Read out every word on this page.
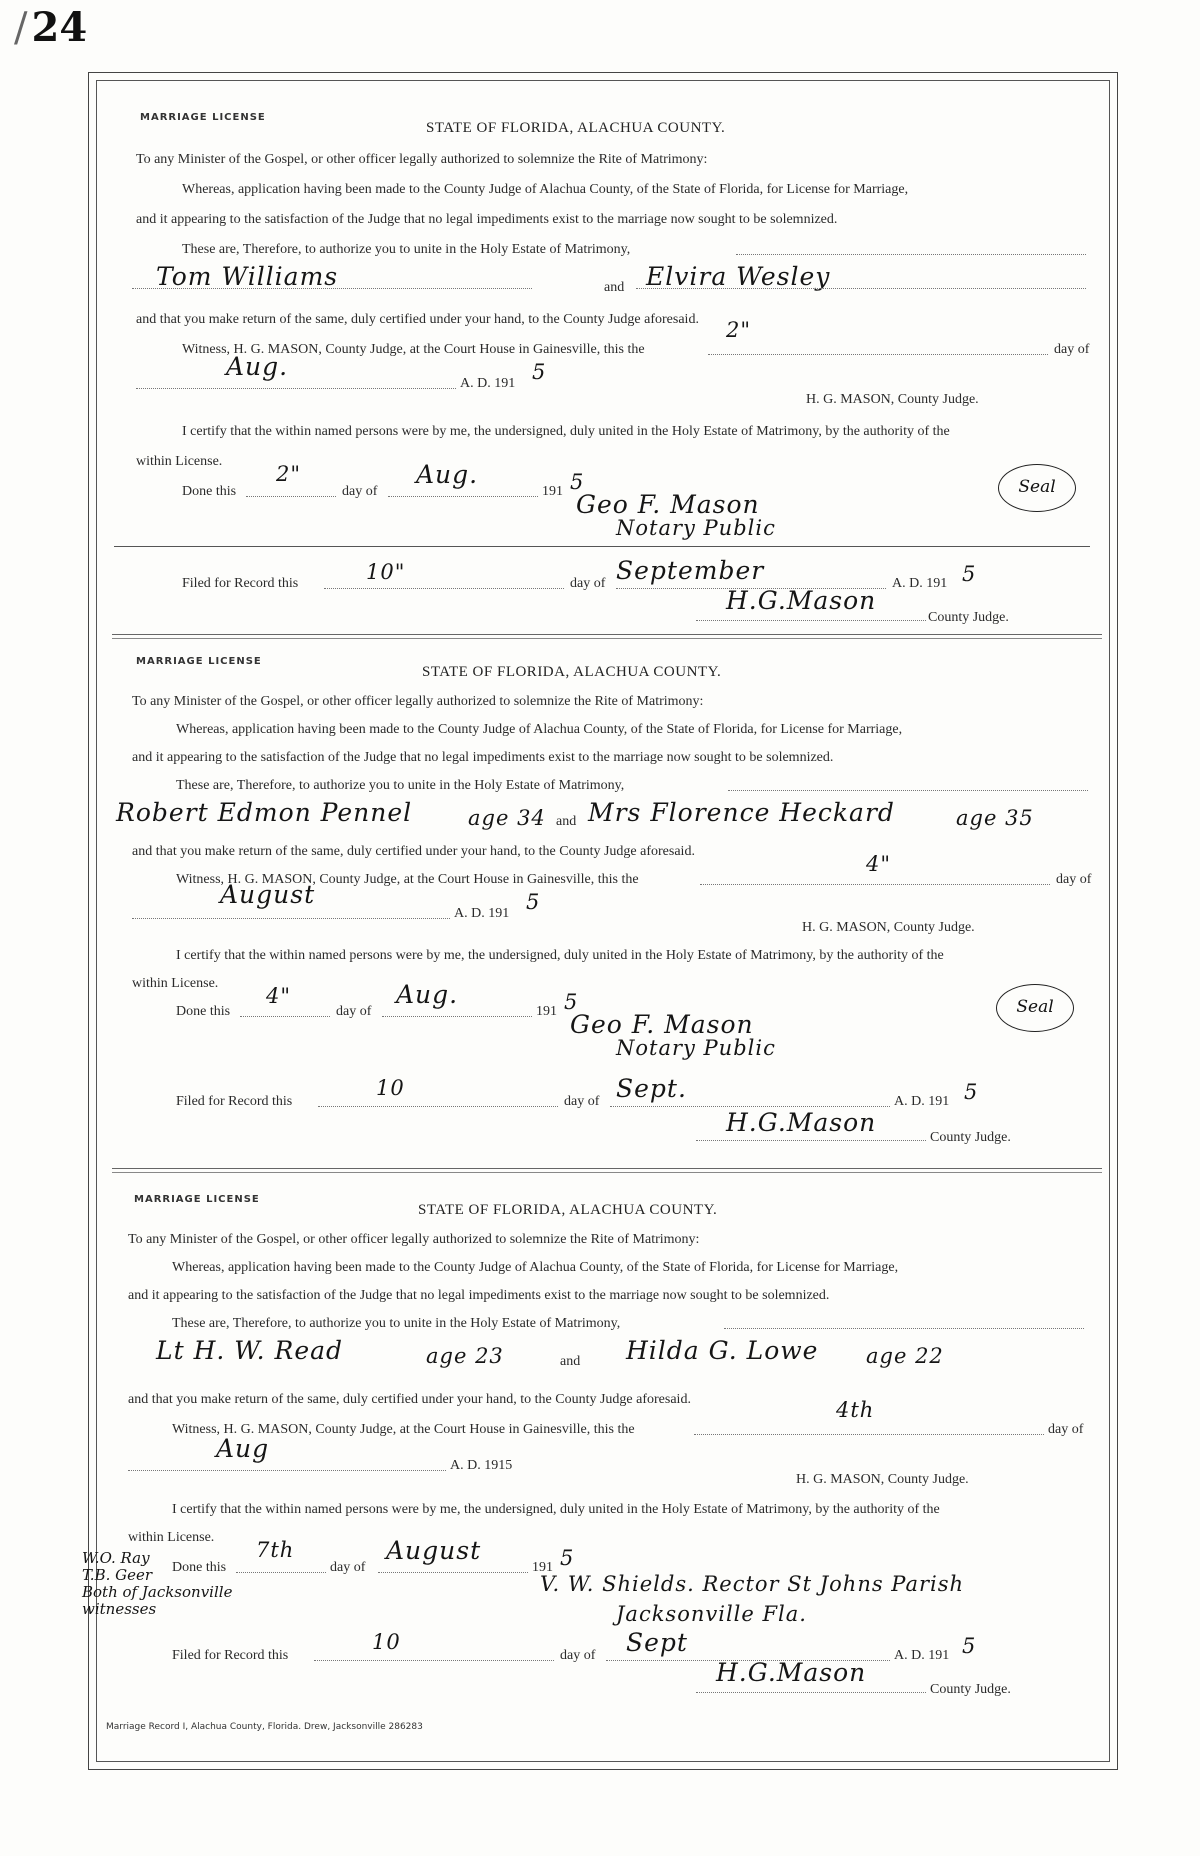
/ 24
MARRIAGE LICENSE
STATE OF FLORIDA, ALACHUA COUNTY.
To any Minister of the Gospel, or other officer legally authorized to solemnize the Rite of Matrimony:
Whereas, application having been made to the County Judge of Alachua County, of the State of Florida, for License for Marriage,
and it appearing to the satisfaction of the Judge that no legal impediments exist to the marriage now sought to be solemnized.
These are, Therefore, to authorize you to unite in the Holy Estate of Matrimony,
Tom Williams	and Elvira Wesley
and that you make return of the same, duly certified under your hand, to the County Judge aforesaid.
Witness, H. G. MASON, County Judge, at the Court House in Gainesville, this the
2"
day of
Aug.
A. D. 191 5
H. G. MASON, County Judge.
I certify that the within named persons were by me, the undersigned, duly united in the Holy Estate of Matrimony, by the authority of the
within License.
Done this
2"
day of
Aug.
191 5
Geo F. Mason
Notary Public
Seal
Filed for Record this	10"	day of September	A. D. 191 5
H.G.Mason
County Judge.
MARRIAGE LICENSE
STATE OF FLORIDA, ALACHUA COUNTY.
To any Minister of the Gospel, or other officer legally authorized to solemnize the Rite of Matrimony:
Whereas, application having been made to the County Judge of Alachua County, of the State of Florida, for License for Marriage,
and it appearing to the satisfaction of the Judge that no legal impediments exist to the marriage now sought to be solemnized.
These are, Therefore, to authorize you to unite in the Holy Estate of Matrimony,
Robert Edmon Pennel	age 34 and Mrs Florence Heckard	age 35
and that you make return of the same, duly certified under your hand, to the County Judge aforesaid.
Witness, H. G. MASON, County Judge, at the Court House in Gainesville, this the
4"
day of
August
A. D. 191 5
H. G. MASON, County Judge.
I certify that the within named persons were by me, the undersigned, duly united in the Holy Estate of Matrimony, by the authority of the
within License.
Done this
4"
day of
Aug.
191 5
Geo F. Mason
Notary Public
Seal
Filed for Record this
10
day of Sept.	A. D. 191 5
H.G.Mason
County Judge.
MARRIAGE LICENSE
STATE OF FLORIDA, ALACHUA COUNTY.
To any Minister of the Gospel, or other officer legally authorized to solemnize the Rite of Matrimony:
Whereas, application having been made to the County Judge of Alachua County, of the State of Florida, for License for Marriage,
and it appearing to the satisfaction of the Judge that no legal impediments exist to the marriage now sought to be solemnized.
These are, Therefore, to authorize you to unite in the Holy Estate of Matrimony,
Lt H. W. Read	age 23	and Hilda G. Lowe age 22
and that you make return of the same, duly certified under your hand, to the County Judge aforesaid.
Witness, H. G. MASON, County Judge, at the Court House in Gainesville, this the
4th
day of
Aug
A. D. 1915
H. G. MASON, County Judge.
I certify that the within named persons were by me, the undersigned, duly united in the Holy Estate of Matrimony, by the authority of the
within License.
Done this
7th
day of
August
191 5
V. W. Shields. Rector St Johns Parish
Jacksonville Fla.
W.O. Ray
T.B. Geer
Both of Jacksonville
witnesses
Filed for Record this
10
day of Sept	A. D. 191 5
H.G.Mason
County Judge.
Marriage Record I, Alachua County, Florida. Drew, Jacksonville 286283
